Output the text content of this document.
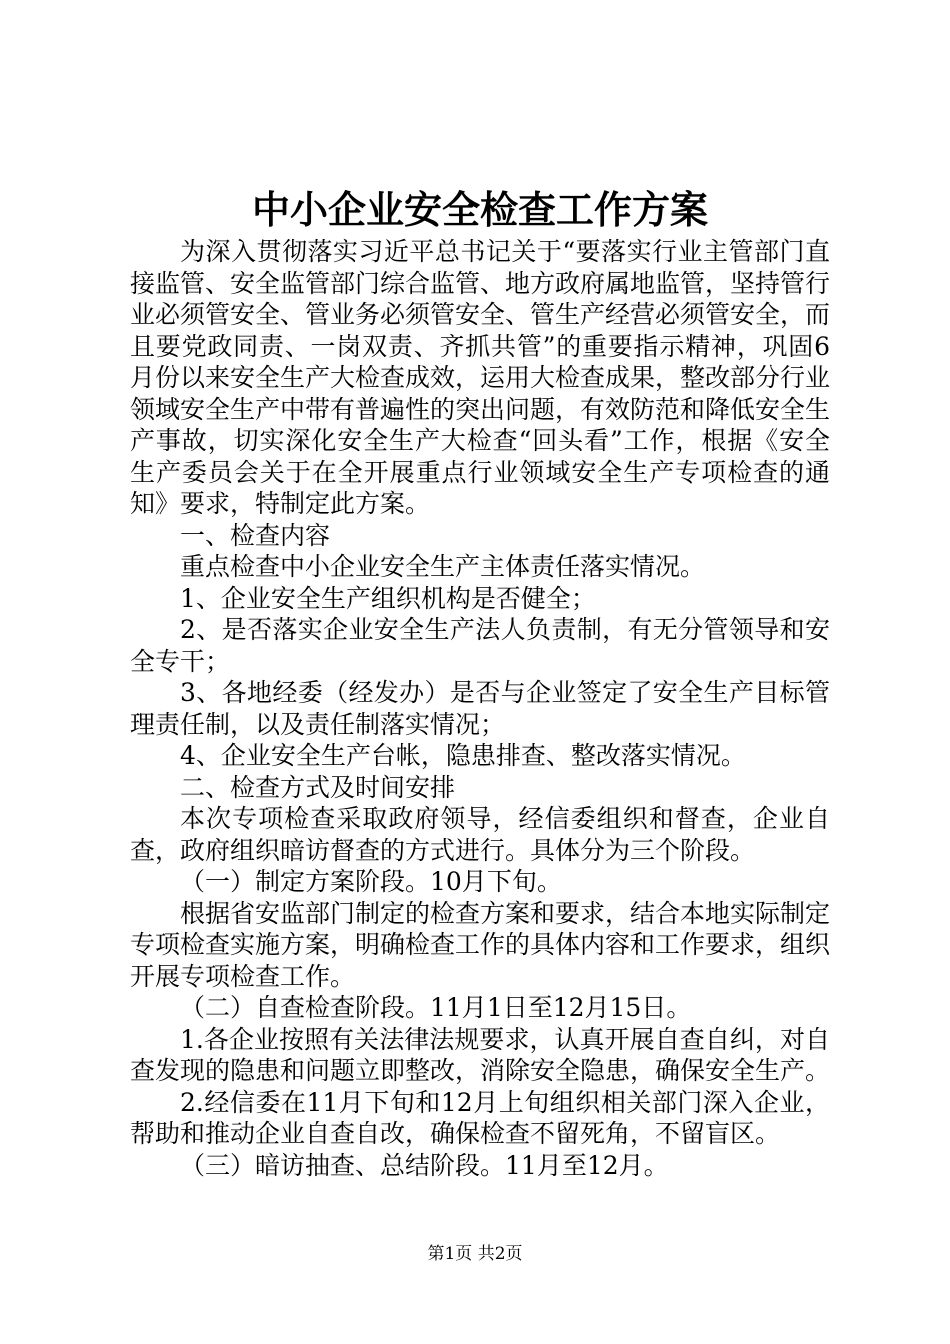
中小企业安全检查工作方案

为深入贯彻落实习近平总书记关于“要落实行业主管部门直接监管、安全监管部门综合监管、地方政府属地监管，坚持管行业必须管安全、管业务必须管安全、管生产经营必须管安全，而且要党政同责、一岗双责、齐抓共管”的重要指示精神，巩固6月份以来安全生产大检查成效，运用大检查成果，整改部分行业领域安全生产中带有普遍性的突出问题，有效防范和降低安全生产事故，切实深化安全生产大检查“回头看”工作，根据《安全生产委员会关于在全开展重点行业领域安全生产专项检查的通知》要求，特制定此方案。

一、检查内容

重点检查中小企业安全生产主体责任落实情况。

1、企业安全生产组织机构是否健全；

2、是否落实企业安全生产法人负责制，有无分管领导和安全专干；

3、各地经委（经发办）是否与企业签定了安全生产目标管理责任制，以及责任制落实情况；

4、企业安全生产台帐，隐患排查、整改落实情况。

二、检查方式及时间安排

本次专项检查采取政府领导，经信委组织和督查，企业自查，政府组织暗访督查的方式进行。具体分为三个阶段。

（一）制定方案阶段。10月下旬。

根据省安监部门制定的检查方案和要求，结合本地实际制定专项检查实施方案，明确检查工作的具体内容和工作要求，组织开展专项检查工作。

（二）自查检查阶段。11月1日至12月15日。

1.各企业按照有关法律法规要求，认真开展自查自纠，对自查发现的隐患和问题立即整改，消除安全隐患，确保安全生产。

2.经信委在11月下旬和12月上旬组织相关部门深入企业，帮助和推动企业自查自改，确保检查不留死角，不留盲区。

（三）暗访抽查、总结阶段。11月至12月。

第1页 共2页
